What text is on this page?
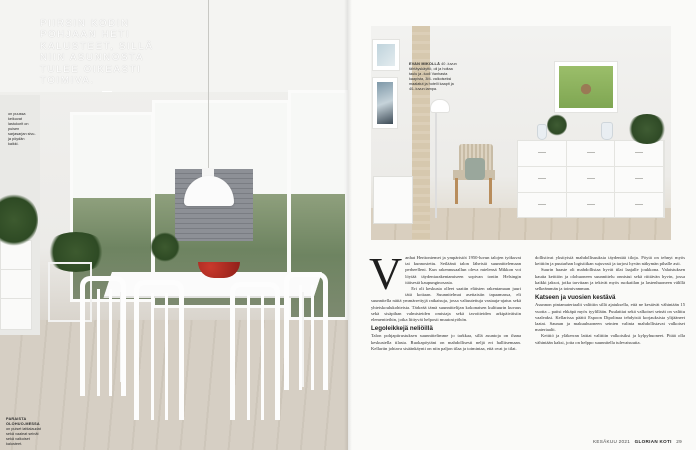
PIIRSIN KODIN POHJAAN HETI KALUSTEET, SILLÄ NIIN ASUNNOSTA TULEE OIKEASTI TOIMIVA.
on puussa keikuvat lastukorit on puisen sarjasarjan sivu-ja pöydän kaikki.
PARAISTA OLOHUO-MESSA on puiset lattialaudat sekä vaaleat seinät sekä valkoiset kalusteet.
EVAN MIKOLLÄ 40 -luvun tähtäyskäyttö, oli ja hoitaa taulu ja -tuoli Vanhasta kaapista, 3M- valkoiseksi maalatut ja hotelli kaapit ja 40- luvun lampa.
V anhat Herttoniemet ja ympäristöt 1950-luvun talojen työkuvat tai kunnostettu. Seiläänä talon läheisiä suunnittelemaan perheelleni. Kun rakennusaallun oleva mielensä Mikkon voi löytää täydentarakentamiseen sopivan tontin Helsingin itäisestä kaupunginosasta.

Eri oli keskusta olleet saatiin eläisten rakentamaan juuri tätä kotiaan. Suunnitelmat asettaisiin tapaamassa, eli suunnitella näitä ymmärrettyjä ratkaisuja, jossa valtuutettuja vastaaja-ajatus sekä yhteiskoulukohteista. Tärkeää tämä suunnittelijan kokonaisen kulttuurin kuvaus sekä sisäpihan valmisteiden omistaja sekä tavoitteiden arkipäiväisiin elementteihin, jotka liittyvät helposti muutostyöhön.

Legoleikkejä neliöillä

Talon pohjapiirustuksen suunnittelimme jo tarkkaa, sillä asuntoja on ihana keskustella tilasta. Ruokapöytäni on mahdollisesti neljä eri hallitsemaan. Kellariin johtava sisäänkäynti on niin paljon tilaa ja toimintaa, että ovat jo tilat.

dollistivat yksityisiä mahdollisuuksia täydentää tiloja. Pöytä on tehnyt myös keittiön ja puutarhan logistiikan sujuvasti ja tarjosi hyvän näkymän pihalle asti.

Suurin haaste oli mahdollistaa hyvät tilat laajalle joukkona. Valaistuksen kautta keittiön ja olohuoneen suunnittelu onnistui sekä riittävän hyvin, jossa kaikki jaksot, jotka tarvitaan ja tekivät myös ruokatilan ja lastenhuoneen välillä selkeämmän ja toimivamman.

Katseen ja vuosien kestävä

Asunnon pintamateriaalit valittiin sillä ajatuksella, että ne kestävät vähintään 15 vuotta – paitsi ehkäpä myös tyylillään. Puulattiat sekä valkoiset seinät on valittu vaaleaksi. Kellarissa päätti Espoon Dipolinaa tehdyistä korjauksista ylijääneet laatat. Saunan ja makuuhuoneen seinien valinta mahdollistavat valkoiset materiaalit.

Keittiö ja yläkerran lattiat valittiin valkoisiksi ja kylpyhuoneet. Pitää olla vähintään kaksi, jotta on helppo suunnitella tulevaisuutta.

KESÄKUU 2021 GLORIAN KOTI 29
